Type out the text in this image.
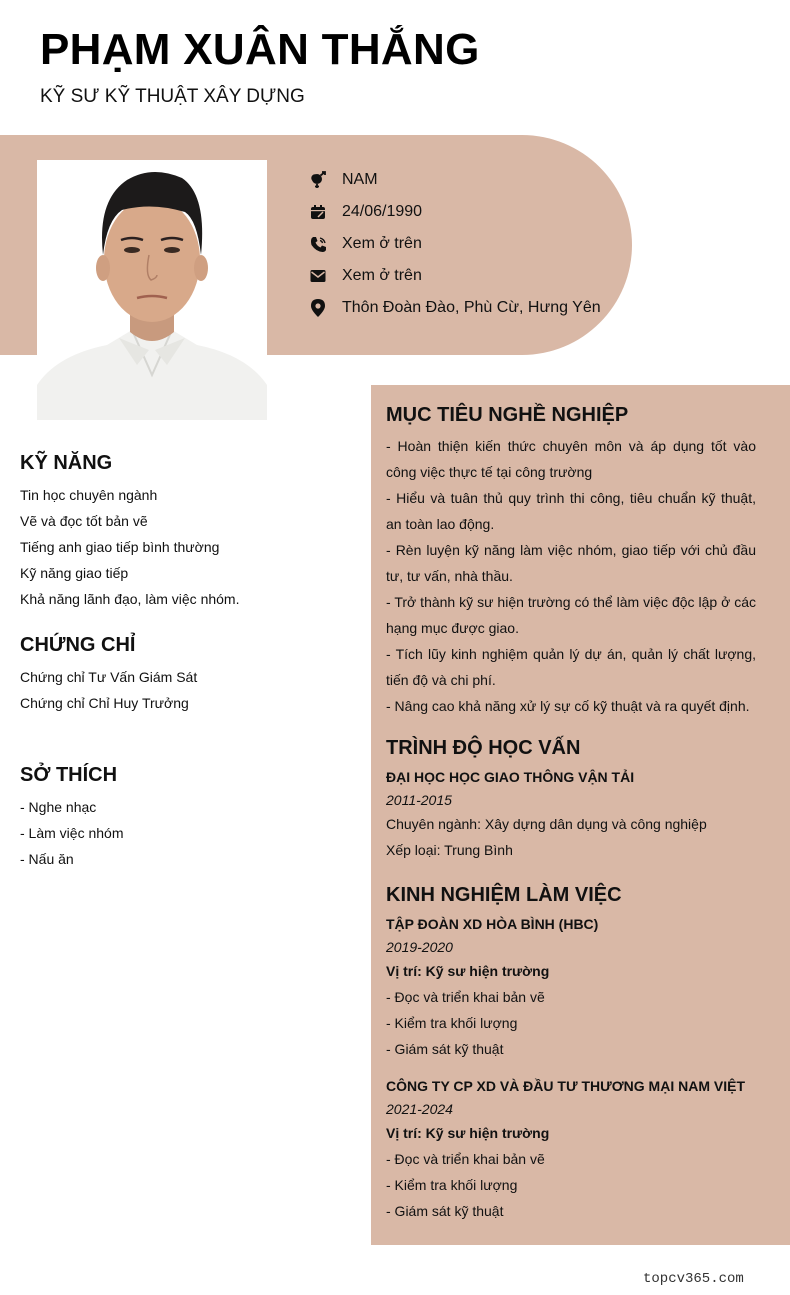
PHẠM XUÂN THẮNG
KỸ SƯ KỸ THUẬT XÂY DỰNG
NAM
24/06/1990
Xem ở trên
Xem ở trên
Thôn Đoàn Đào, Phù Cừ, Hưng Yên
KỸ NĂNG
Tin học chuyên ngành
Vẽ và đọc tốt bản vẽ
Tiếng anh giao tiếp bình thường
Kỹ năng giao tiếp
Khả năng lãnh đạo, làm việc nhóm.
CHỨNG CHỈ
Chứng chỉ Tư Vấn Giám Sát
Chứng chỉ Chỉ Huy Trưởng
SỞ THÍCH
- Nghe nhạc
- Làm việc nhóm
- Nấu ăn
MỤC TIÊU NGHỀ NGHIỆP
- Hoàn thiện kiến thức chuyên môn và áp dụng tốt vào công việc thực tế tại công trường
- Hiểu và tuân thủ quy trình thi công, tiêu chuẩn kỹ thuật, an toàn lao động.
- Rèn luyện kỹ năng làm việc nhóm, giao tiếp với chủ đầu tư, tư vấn, nhà thầu.
- Trở thành kỹ sư hiện trường có thể làm việc độc lập ở các hạng mục được giao.
- Tích lũy kinh nghiệm quản lý dự án, quản lý chất lượng, tiến độ và chi phí.
- Nâng cao khả năng xử lý sự cố kỹ thuật và ra quyết định.
TRÌNH ĐỘ HỌC VẤN
ĐẠI HỌC HỌC GIAO THÔNG VẬN TẢI
2011-2015
Chuyên ngành: Xây dựng dân dụng và công nghiệp
Xếp loại: Trung Bình
KINH NGHIỆM LÀM VIỆC
TẬP ĐOÀN XD HÒA BÌNH (HBC)
2019-2020
Vị trí: Kỹ sư hiện trường
- Đọc và triển khai bản vẽ
- Kiểm tra khối lượng
- Giám sát kỹ thuật
CÔNG TY CP XD VÀ ĐẦU TƯ THƯƠNG MẠI NAM VIỆT
2021-2024
Vị trí: Kỹ sư hiện trường
- Đọc và triển khai bản vẽ
- Kiểm tra khối lượng
- Giám sát kỹ thuật
topcv365.com
